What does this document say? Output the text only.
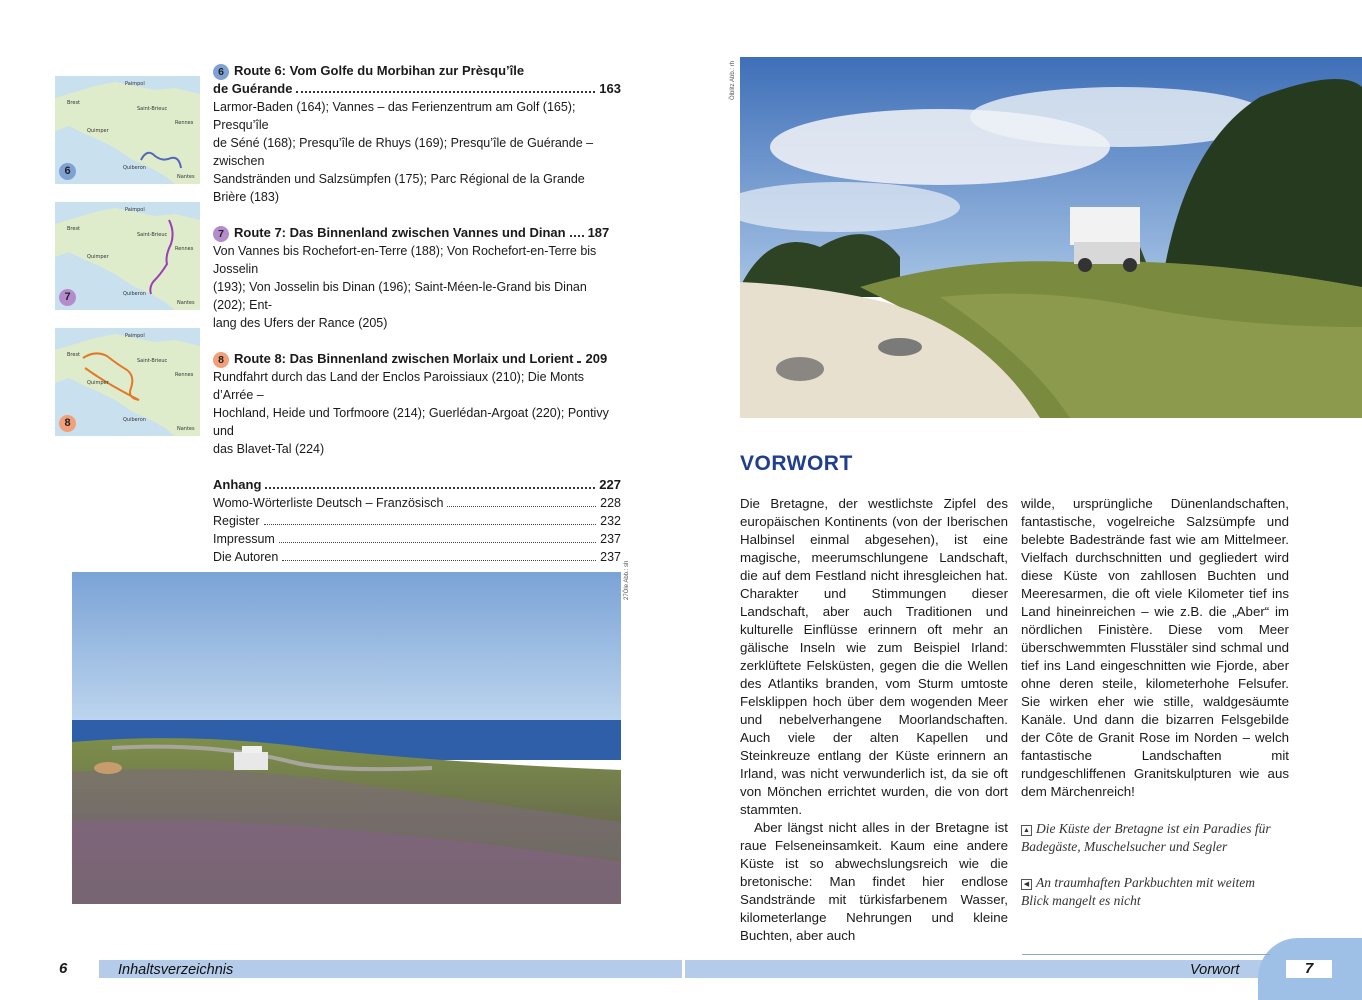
Paimpol
Brest
Saint-Brieuc
Rennes
Quimper
Quiberon
Nantes
6
Paimpol
Brest
Saint-Brieuc
Rennes
Quimper
Quiberon
Nantes
7
Paimpol
Brest
Saint-Brieuc
Rennes
Quimper
Quiberon
Nantes
8
6 Route 6: Vom Golfe du Morbihan zur Prèsqu’île
de Guérande	163
Larmor-Baden (164); Vannes – das Ferienzentrum am Golf (165); Presqu’île
de Séné (168); Presqu’île de Rhuys (169); Presqu’île de Guérande – zwischen
Sandstränden und Salzsümpfen (175); Parc Régional de la Grande Brière (183)
7 Route 7: Das Binnenland zwischen Vannes und Dinan 187
Von Vannes bis Rochefort-en-Terre (188); Von Rochefort-en-Terre bis Josselin
(193); Von Josselin bis Dinan (196); Saint-Méen-le-Grand bis Dinan (202); Ent-
lang des Ufers der Rance (205)
8 Route 8: Das Binnenland zwischen Morlaix und Lorient 209
Rundfahrt durch das Land der Enclos Paroissiaux (210); Die Monts d’Arrée –
Hochland, Heide und Torfmoore (214); Guerlédan-Argoat (220); Pontivy und
das Blavet-Tal (224)
Anhang	227
Womo-Wörterliste Deutsch – Französisch	228
Register	232
Impressum	237
Die Autoren	237
27Öle Abb.: sh
Ölblitz Abb.: rh
VORWORT

Die Bretagne, der westlichste Zipfel des europäischen Kontinents (von der Iberischen Halbinsel einmal abgesehen), ist eine magische, meerumschlungene Landschaft, die auf dem Festland nicht ihresgleichen hat. Charakter und Stimmungen dieser Landschaft, aber auch Traditionen und kulturelle Einflüsse erinnern oft mehr an gälische Inseln wie zum Beispiel Irland: zerklüftete Felsküsten, gegen die die Wellen des Atlantiks branden, vom Sturm umtoste Felsklippen hoch über dem wogenden Meer und nebelverhangene Moorlandschaften. Auch viele der alten Kapellen und Steinkreuze entlang der Küste erinnern an Irland, was nicht verwunderlich ist, da sie oft von Mönchen errichtet wurden, die von dort stammten.

Aber längst nicht alles in der Bretagne ist raue Felseneinsamkeit. Kaum eine andere Küste ist so abwechslungsreich wie die bretonische: Man findet hier endlose Sandstrände mit türkisfarbenem Wasser, kilometerlange Nehrungen und kleine Buchten, aber auch

wilde, ursprüngliche Dünenlandschaften, fantastische, vogelreiche Salzsümpfe und belebte Badestrände fast wie am Mittelmeer. Vielfach durchschnitten und gegliedert wird diese Küste von zahllosen Buchten und Meeresarmen, die oft viele Kilometer tief ins Land hineinreichen – wie z.B. die „Aber“ im nördlichen Finistère. Diese vom Meer überschwemmten Flusstäler sind schmal und tief ins Land eingeschnitten wie Fjorde, aber ohne deren steile, kilometerhohe Felsufer. Sie wirken eher wie stille, waldgesäumte Kanäle. Und dann die bizarren Felsgebilde der Côte de Granit Rose im Norden – welch fantastische Landschaften mit rundgeschliffenen Granitskulpturen wie aus dem Märchenreich!

▲ Die Küste der Bretagne ist ein Paradies für
Badegäste, Muschelsucher und Segler
◀ An traumhaften Parkbuchten mit weitem
Blick mangelt es nicht
6	Inhaltsverzeichnis	Vorwort	7
